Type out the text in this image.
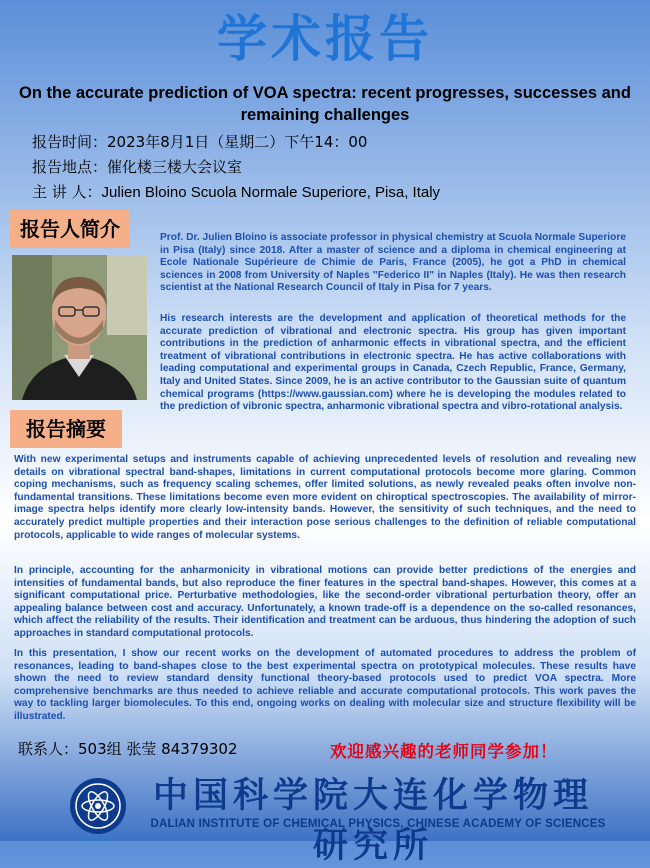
学术报告
On the accurate prediction of VOA spectra: recent progresses, successes and remaining challenges
报告时间：2023年8月1日（星期二）下午14：00
报告地点：催化楼三楼大会议室
主 讲 人：Julien Bloino Scuola Normale Superiore, Pisa, Italy
报告人简介	Prof. Dr. Julien Bloino is associate professor in physical chemistry at Scuola Normale Superiore in Pisa (Italy) since 2018. After a master of science and a diploma in chemical engineering at Ecole Nationale Supérieure de Chimie de Paris, France (2005), he got a PhD in chemical sciences in 2008 from University of Naples "Federico II" in Naples (Italy). He was then research scientist at the National Research Council of Italy in Pisa for 7 years.

His research interests are the development and application of theoretical methods for the accurate prediction of vibrational and electronic spectra. His group has given important contributions in the prediction of anharmonic effects in vibrational spectra, and the efficient treatment of vibrational contributions in electronic spectra. He has active collaborations with leading computational and experimental groups in Canada, Czech Republic, France, Germany, Italy and United States. Since 2009, he is an active contributor to the Gaussian suite of quantum chemical programs (https://www.gaussian.com) where he is developing the modules related to the prediction of vibronic spectra, anharmonic vibrational spectra and vibro-rotational analysis.

报告摘要

With new experimental setups and instruments capable of achieving unprecedented levels of resolution and revealing new details on vibrational spectral band-shapes, limitations in current computational protocols become more glaring. Common coping mechanisms, such as frequency scaling schemes, offer limited solutions, as newly revealed peaks often involve non-fundamental transitions. These limitations become even more evident on chiroptical spectroscopies. The availability of mirror-image spectra helps identify more clearly low-intensity bands. However, the sensitivity of such techniques, and the need to accurately predict multiple properties and their interaction pose serious challenges to the definition of reliable computational protocols, applicable to wide ranges of molecular systems.

In principle, accounting for the anharmonicity in vibrational motions can provide better predictions of the energies and intensities of fundamental bands, but also reproduce the finer features in the spectral band-shapes. However, this comes at a significant computational price. Perturbative methodologies, like the second-order vibrational perturbation theory, offer an appealing balance between cost and accuracy. Unfortunately, a known trade-off is a dependence on the so-called resonances, which affect the reliability of the results. Their identification and treatment can be arduous, thus hindering the adoption of such approaches in standard computational protocols.

In this presentation, I show our recent works on the development of automated procedures to address the problem of resonances, leading to band-shapes close to the best experimental spectra on prototypical molecules. These results have shown the need to review standard density functional theory-based protocols used to predict VOA spectra. More comprehensive benchmarks are thus needed to achieve reliable and accurate computational protocols. This work paves the way to tackling larger biomolecules. To this end, ongoing works on dealing with molecular size and structure flexibility will be illustrated.

联系人：503组 张莹 84379302	欢迎感兴趣的老师同学参加！
中国科学院大连化学物理研究所
DALIAN INSTITUTE OF CHEMICAL PHYSICS, CHINESE ACADEMY OF SCIENCES
